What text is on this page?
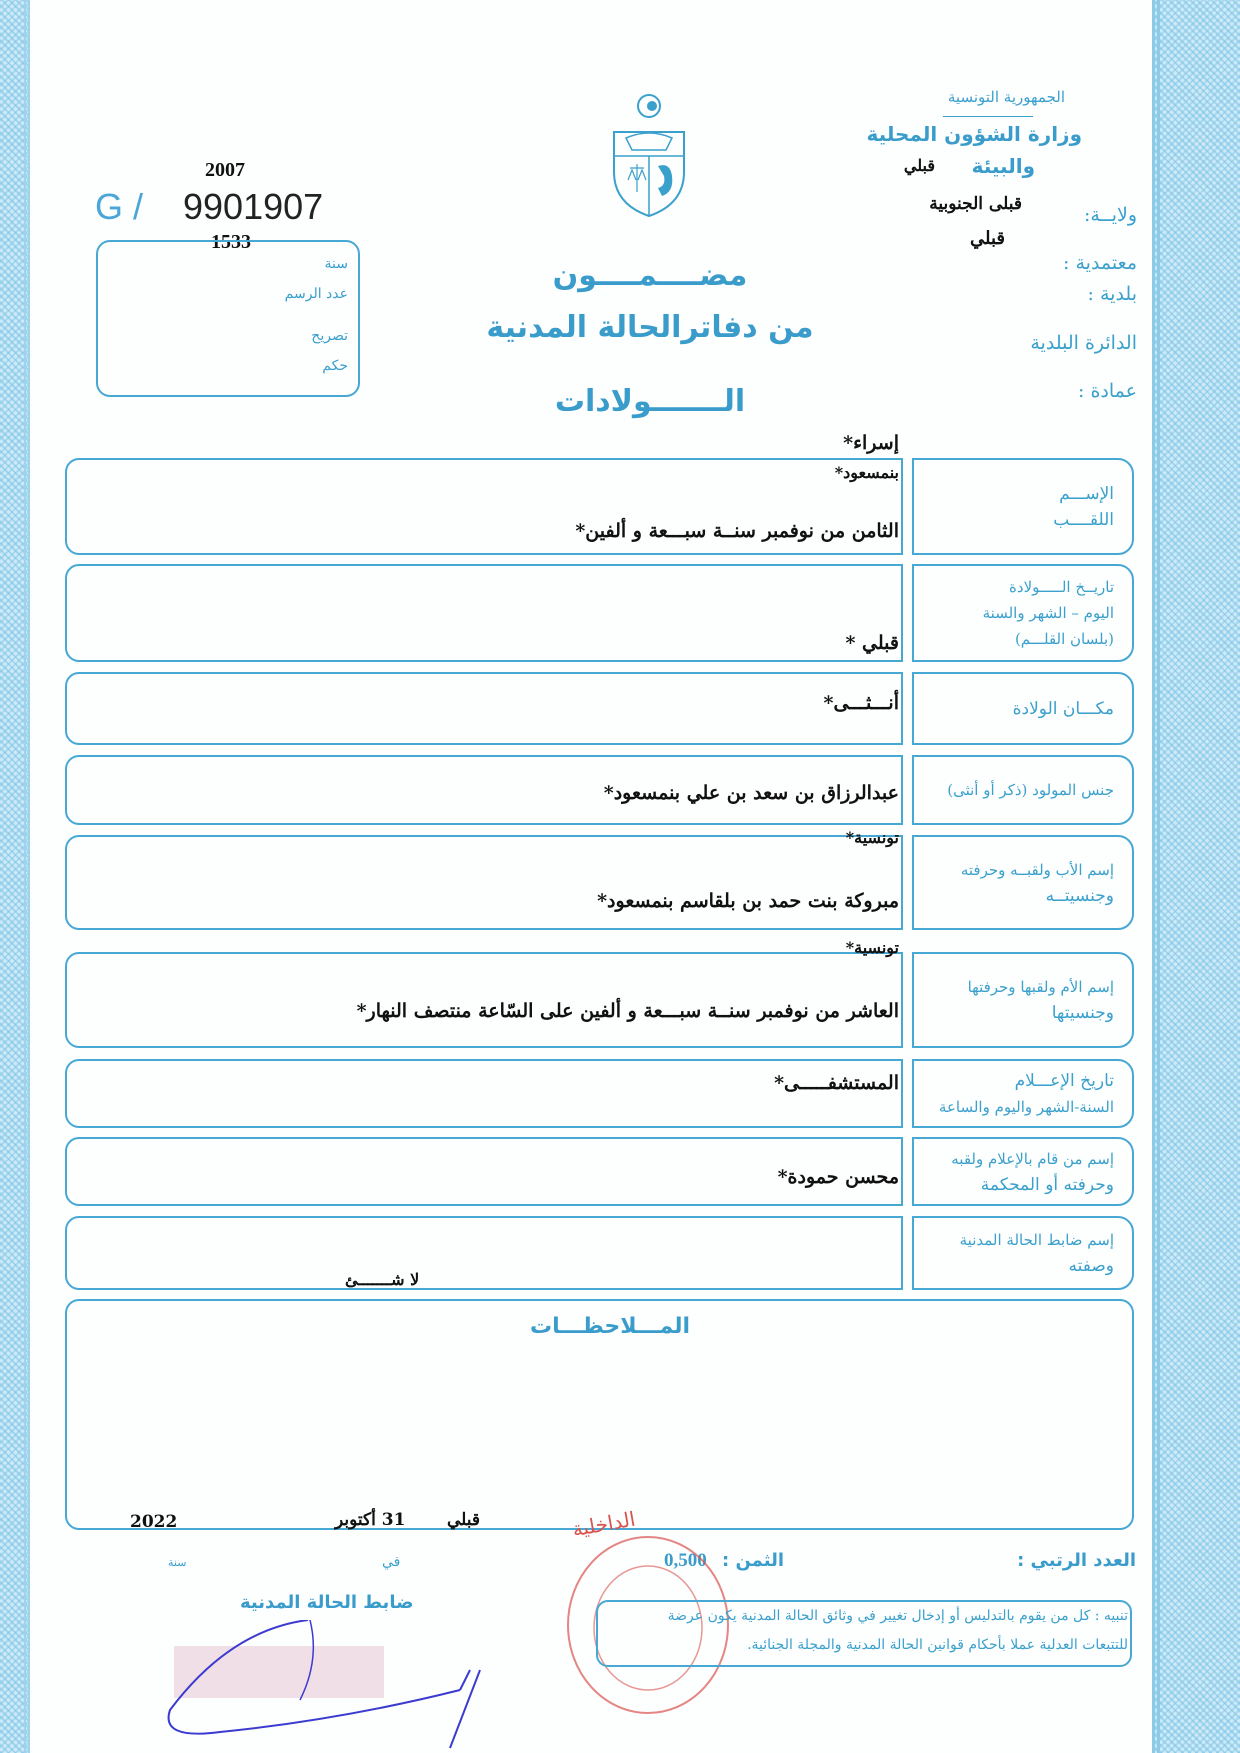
الجمهورية التونسية
وزارة الشؤون المحلية
والبيئة
قبلي
ولايــة:
قبلى الجنوبية
قبلي
معتمدية :
بلدية :
الدائرة البلدية
عمادة :
2007
G / 9901907
1533
سنة
عدد الرسم
تصريح
حكم
مضــــمــــون
من دفاترالحالة المدنية
الـــــــولادات
الإســـم
اللقــــب
تاريــخ الـــــولادة
اليوم – الشهر والسنة
(بلسان القلـــم)
مكـــان الولادة
جنس المولود (ذكر أو أنثى)
إسم الأب ولقبــه وحرفته
وجنسيتــه
إسم الأم ولقبها وحرفتها
وجنسيتها
تاريخ الإعـــلام
السنة-الشهر واليوم والساعة
إسم من قام بالإعلام ولقبه
وحرفته أو المحكمة
إسم ضابط الحالة المدنية
وصفته
إسراء*
بنمسعود*
الثامن من نوفمبر سنــة سبـــعة و ألفين*
قبلي *
أنـــثـــى*
عبدالرزاق بن سعد بن علي بنمسعود*
تونسية*
مبروكة بنت حمد بن بلقاسم بنمسعود*
تونسية*
العاشر من نوفمبر سنــة سبـــعة و ألفين على السّاعة منتصف النهار*
المستشفـــــى*
محسن حمودة*
لا شـــــــئ
المـــلاحظـــات
2022	31 أكتوبر قبلي
سنة	في
ضابط الحالة المدنية
العدد الرتبي :
الثمن :
0,500
الداخلية
تنبيه : كل من يقوم بالتدليس أو إدخال تغيير في وثائق الحالة المدنية يكون عرضة
للتتبعات العدلية عملا بأحكام قوانين الحالة المدنية والمجلة الجنائية.
